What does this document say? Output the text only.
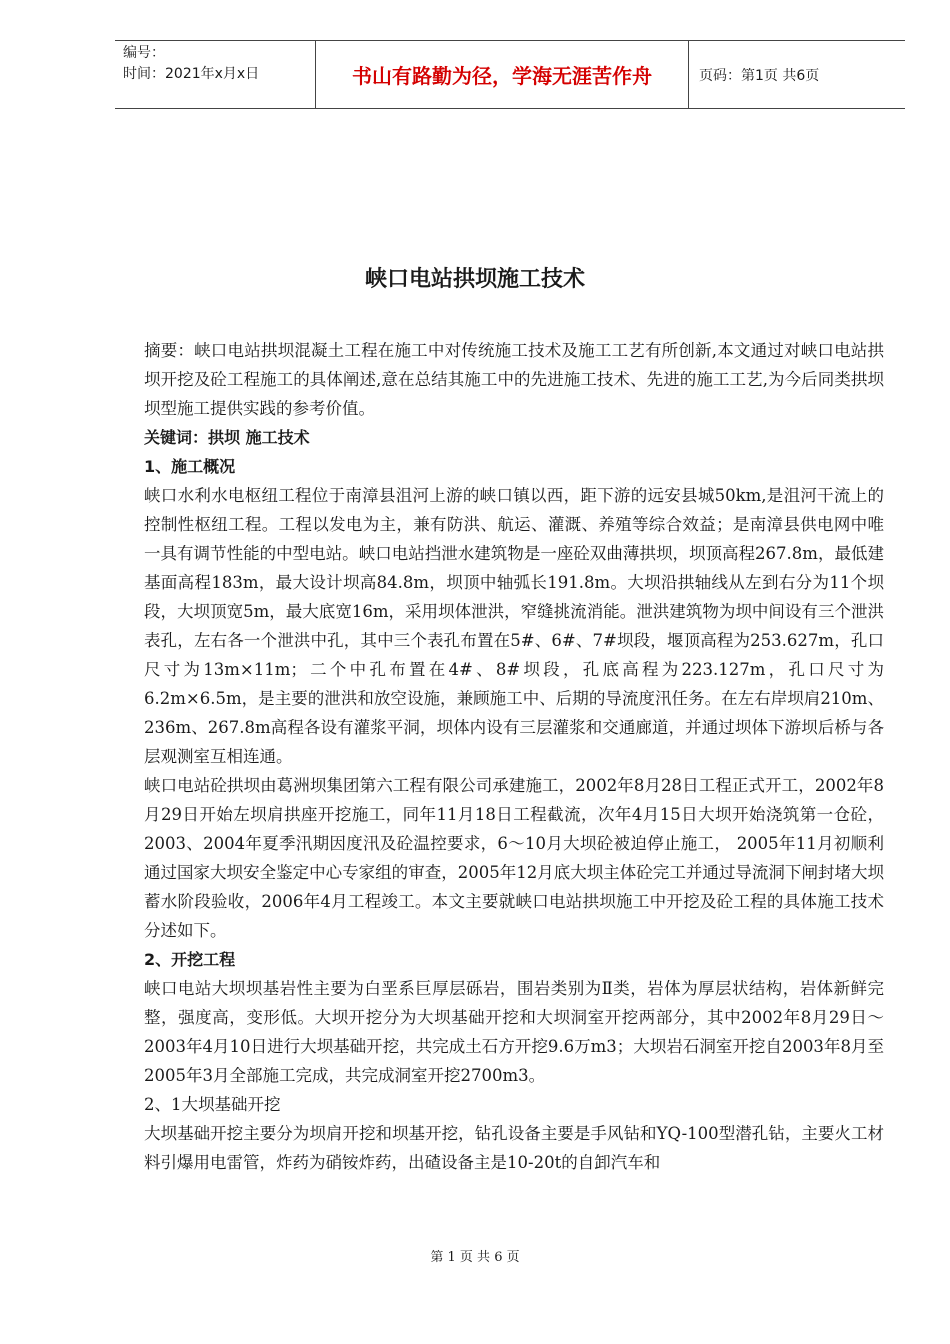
编号：
时间：2021年x月x日	书山有路勤为径，学海无涯苦作舟	页码：第1页 共6页
峡口电站拱坝施工技术

摘要：峡口电站拱坝混凝土工程在施工中对传统施工技术及施工工艺有所创新,本文通过对峡口电站拱坝开挖及砼工程施工的具体阐述,意在总结其施工中的先进施工技术、先进的施工工艺,为今后同类拱坝坝型施工提供实践的参考价值。

关键词：拱坝 施工技术

1、施工概况

峡口水利水电枢纽工程位于南漳县沮河上游的峡口镇以西，距下游的远安县城50km,是沮河干流上的控制性枢纽工程。工程以发电为主，兼有防洪、航运、灌溉、养殖等综合效益；是南漳县供电网中唯一具有调节性能的中型电站。峡口电站挡泄水建筑物是一座砼双曲薄拱坝，坝顶高程267.8m，最低建基面高程183m，最大设计坝高84.8m，坝顶中轴弧长191.8m。大坝沿拱轴线从左到右分为11个坝段，大坝顶宽5m，最大底宽16m，采用坝体泄洪，窄缝挑流消能。泄洪建筑物为坝中间设有三个泄洪表孔，左右各一个泄洪中孔，其中三个表孔布置在5#、6#、7#坝段，堰顶高程为253.627m，孔口尺寸为13m×11m；二个中孔布置在4#、8#坝段，孔底高程为223.127m，孔口尺寸为6.2m×6.5m，是主要的泄洪和放空设施，兼顾施工中、后期的导流度汛任务。在左右岸坝肩210m、236m、267.8m高程各设有灌浆平洞，坝体内设有三层灌浆和交通廊道，并通过坝体下游坝后桥与各层观测室互相连通。

峡口电站砼拱坝由葛洲坝集团第六工程有限公司承建施工，2002年8月28日工程正式开工，2002年8月29日开始左坝肩拱座开挖施工，同年11月18日工程截流，次年4月15日大坝开始浇筑第一仓砼，2003、2004年夏季汛期因度汛及砼温控要求，6～10月大坝砼被迫停止施工， 2005年11月初顺利通过国家大坝安全鉴定中心专家组的审查，2005年12月底大坝主体砼完工并通过导流洞下闸封堵大坝蓄水阶段验收，2006年4月工程竣工。本文主要就峡口电站拱坝施工中开挖及砼工程的具体施工技术分述如下。

2、开挖工程

峡口电站大坝坝基岩性主要为白垩系巨厚层砾岩，围岩类别为Ⅱ类，岩体为厚层状结构，岩体新鲜完整，强度高，变形低。大坝开挖分为大坝基础开挖和大坝洞室开挖两部分，其中2002年8月29日～2003年4月10日进行大坝基础开挖，共完成土石方开挖9.6万m3；大坝岩石洞室开挖自2003年8月至2005年3月全部施工完成，共完成洞室开挖2700m3。

2、1大坝基础开挖

大坝基础开挖主要分为坝肩开挖和坝基开挖，钻孔设备主要是手风钻和YQ-100型潜孔钻，主要火工材料引爆用电雷管，炸药为硝铵炸药，出碴设备主是10-20t的自卸汽车和

第 1 页 共 6 页
